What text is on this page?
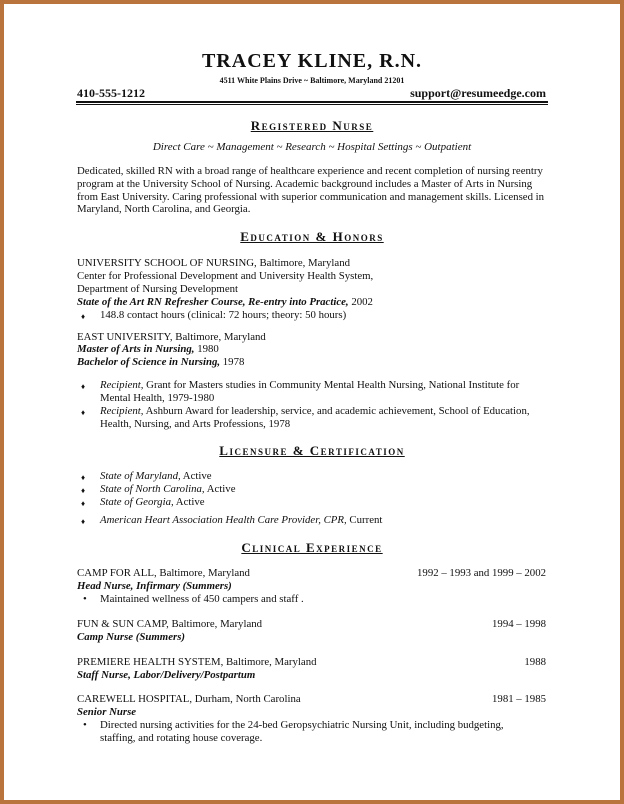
TRACEY KLINE, R.N.
4511 White Plains Drive ~ Baltimore, Maryland 21201
410-555-1212	support@resumeedge.com
Registered Nurse
Direct Care ~ Management ~ Research ~ Hospital Settings ~ Outpatient
Dedicated, skilled RN with a broad range of healthcare experience and recent completion of nursing reentry program at the University School of Nursing. Academic background includes a Master of Arts in Nursing from East University. Caring professional with superior communication and management skills. Licensed in Maryland, North Carolina, and Georgia.
Education & Honors
UNIVERSITY SCHOOL OF NURSING, Baltimore, Maryland
Center for Professional Development and University Health System,
Department of Nursing Development
State of the Art RN Refresher Course, Re-entry into Practice, 2002
♦ 148.8 contact hours (clinical: 72 hours; theory: 50 hours)
EAST UNIVERSITY, Baltimore, Maryland
Master of Arts in Nursing, 1980
Bachelor of Science in Nursing, 1978
♦ Recipient, Grant for Masters studies in Community Mental Health Nursing, National Institute for
Mental Health, 1979-1980
♦ Recipient, Ashburn Award for leadership, service, and academic achievement, School of Education,
Health, Nursing, and Arts Professions, 1978
Licensure & Certification
♦ State of Maryland, Active
♦ State of North Carolina, Active
♦ State of Georgia, Active
♦ American Heart Association Health Care Provider, CPR, Current
Clinical Experience
CAMP FOR ALL, Baltimore, Maryland	1992 – 1993 and 1999 – 2002
Head Nurse, Infirmary (Summers)
• Maintained wellness of 450 campers and staff .
FUN & SUN CAMP, Baltimore, Maryland	1994 – 1998
Camp Nurse (Summers)
PREMIERE HEALTH SYSTEM, Baltimore, Maryland	1988
Staff Nurse, Labor/Delivery/Postpartum
CAREWELL HOSPITAL, Durham, North Carolina	1981 – 1985
Senior Nurse
• Directed nursing activities for the 24-bed Geropsychiatric Nursing Unit, including budgeting,
staffing, and rotating house coverage.
